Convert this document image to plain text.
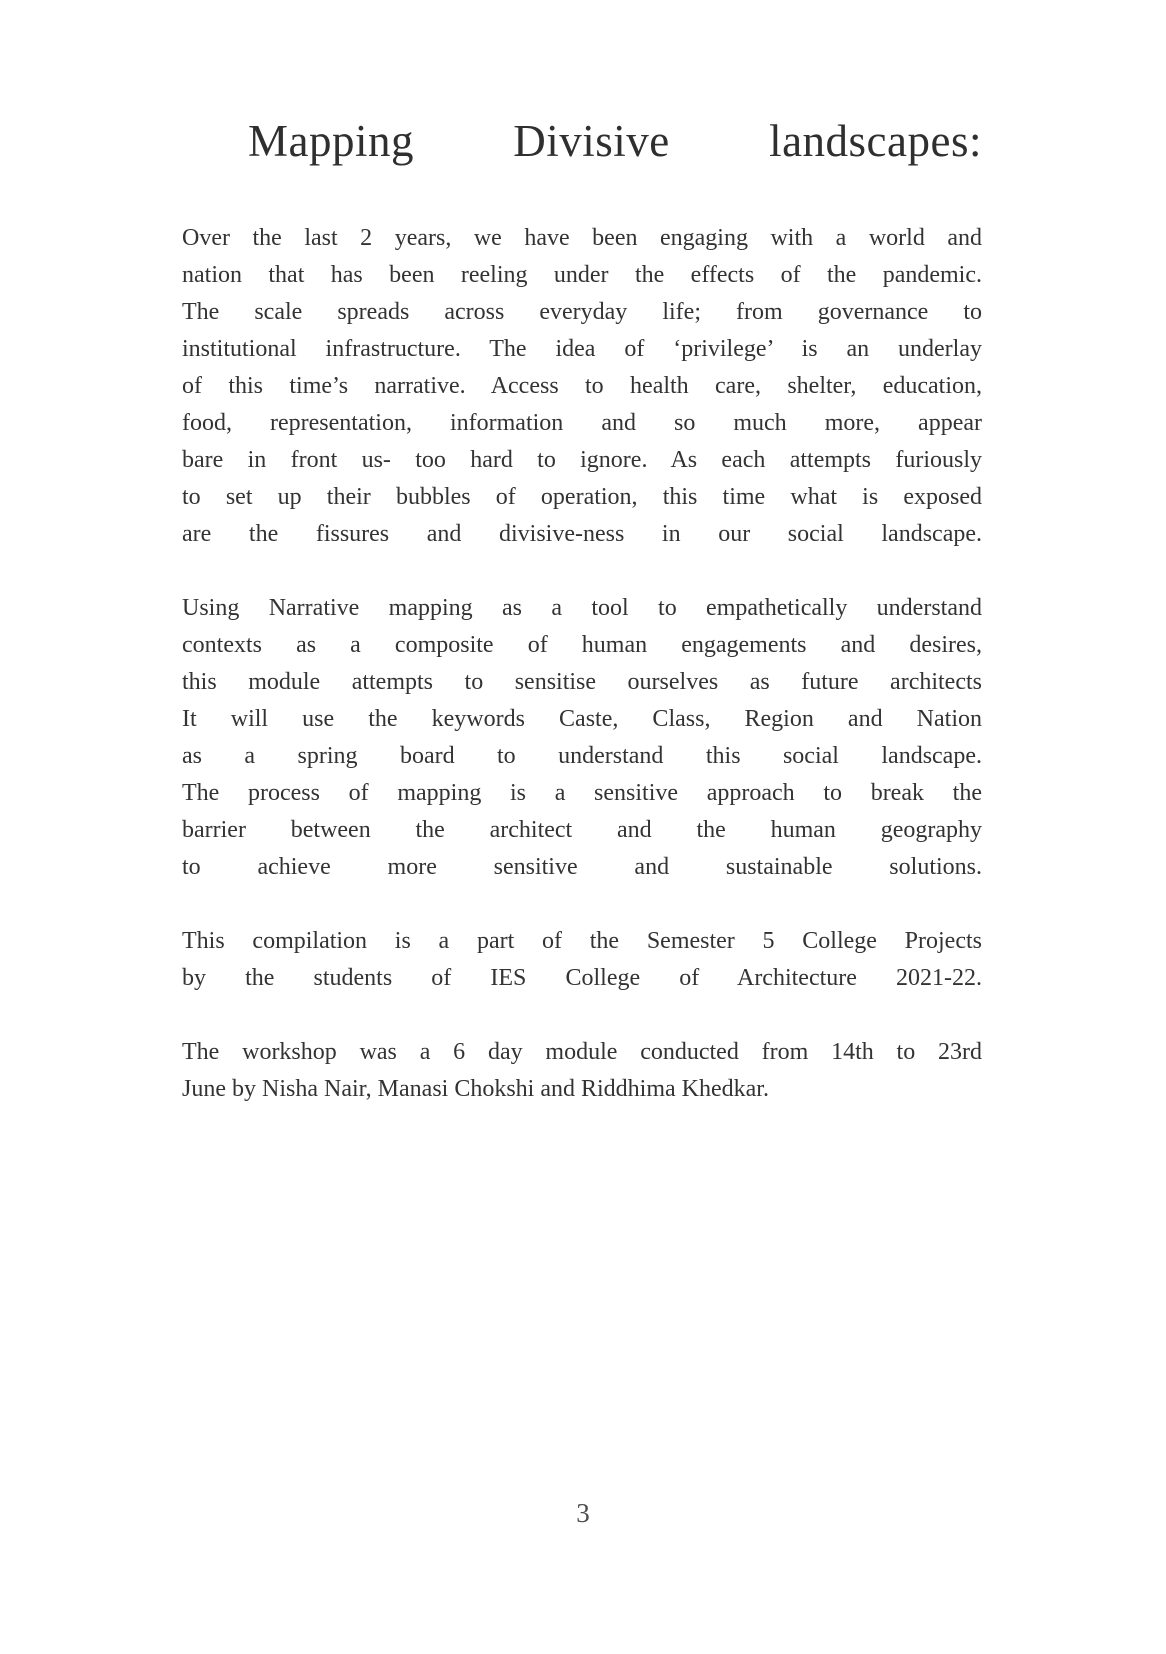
Mapping Divisive landscapes:
Over the last 2 years, we have been engaging with a world and
nation that has been reeling under the effects of the pandemic.
The scale spreads across everyday life; from governance to
institutional infrastructure. The idea of ‘privilege’ is an underlay
of this time’s narrative. Access to health care, shelter, education,
food, representation, information and so much more, appear
bare in front us- too hard to ignore. As each attempts furiously
to set up their bubbles of operation, this time what is exposed
are the fissures and divisive-ness in our social landscape.
Using Narrative mapping as a tool to empathetically understand
contexts as a composite of human engagements and desires,
this module attempts to sensitise ourselves as future architects
It will use the keywords Caste, Class, Region and Nation
as a spring board to understand this social landscape.
The process of mapping is a sensitive approach to break the
barrier between the architect and the human geography
to achieve more sensitive and sustainable solutions.
This compilation is a part of the Semester 5 College Projects
by the students of IES College of Architecture 2021-22.
The workshop was a 6 day module conducted from 14th to 23rd
June by Nisha Nair, Manasi Chokshi and Riddhima Khedkar.
3
